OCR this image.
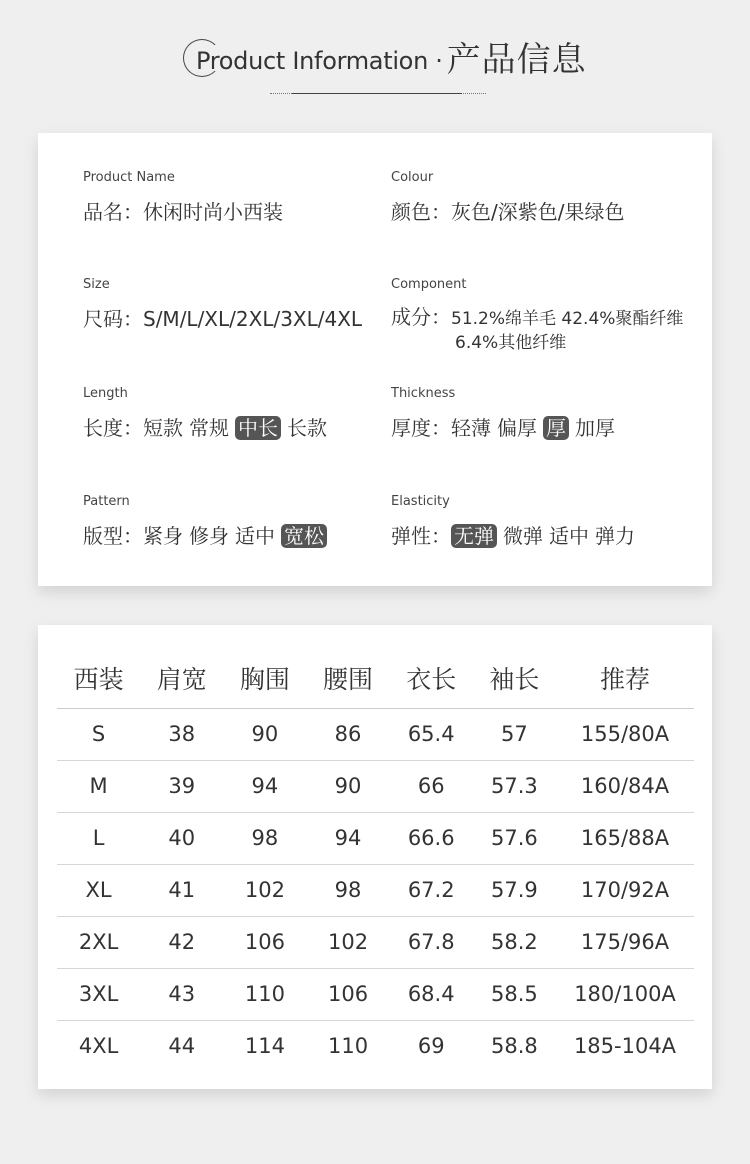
Product Information · 产品信息
Product Name
品名：休闲时尚小西装
Colour
颜色：灰色/深紫色/果绿色
Size
尺码：S/M/L/XL/2XL/3XL/4XL
Component
成分：51.2%绵羊毛 42.4%聚酯纤维
6.4%其他纤维
Length
长度：短款 常规 中长 长款
Thickness
厚度：轻薄 偏厚 厚 加厚
Pattern
版型：紧身 修身 适中 宽松
Elasticity
弹性： 无弹 微弹 适中 弹力
西装	肩宽	胸围	腰围	衣长	袖长	推荐
S	38	90	86	65.4	57	155/80A
M	39	94	90	66	57.3	160/84A
L	40	98	94	66.6	57.6	165/88A
XL	41	102	98	67.2	57.9	170/92A
2XL	42	106	102	67.8	58.2	175/96A
3XL	43	110	106	68.4	58.5	180/100A
4XL	44	114	110	69	58.8	185-104A
